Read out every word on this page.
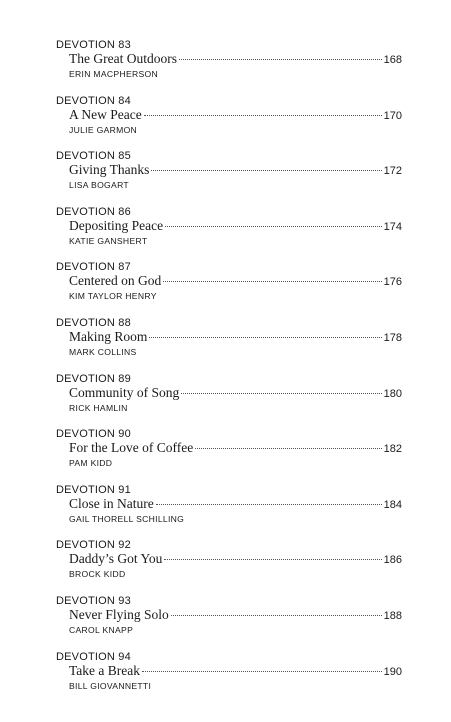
DEVOTION 83
The Great Outdoors	168
ERIN MACPHERSON
DEVOTION 84
A New Peace	170
JULIE GARMON
DEVOTION 85
Giving Thanks	172
LISA BOGART
DEVOTION 86
Depositing Peace	174
KATIE GANSHERT
DEVOTION 87
Centered on God	176
KIM TAYLOR HENRY
DEVOTION 88
Making Room	178
MARK COLLINS
DEVOTION 89
Community of Song	180
RICK HAMLIN
DEVOTION 90
For the Love of Coffee	182
PAM KIDD
DEVOTION 91
Close in Nature	184
GAIL THORELL SCHILLING
DEVOTION 92
Daddy’s Got You	186
BROCK KIDD
DEVOTION 93
Never Flying Solo	188
CAROL KNAPP
DEVOTION 94
Take a Break	190
BILL GIOVANNETTI
